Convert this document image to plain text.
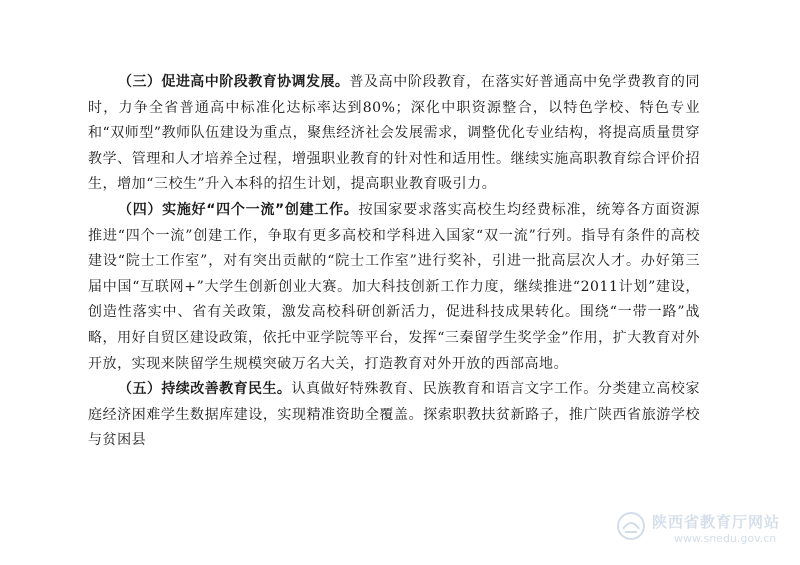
（三）促进高中阶段教育协调发展。普及高中阶段教育，在落实好普通高中免学费教育的同时，力争全省普通高中标准化达标率达到80%；深化中职资源整合，以特色学校、特色专业和“双师型”教师队伍建设为重点，聚焦经济社会发展需求，调整优化专业结构，将提高质量贯穿教学、管理和人才培养全过程，增强职业教育的针对性和适用性。继续实施高职教育综合评价招生，增加“三校生”升入本科的招生计划，提高职业教育吸引力。

（四）实施好“四个一流”创建工作。按国家要求落实高校生均经费标准，统筹各方面资源推进“四个一流”创建工作，争取有更多高校和学科进入国家“双一流”行列。指导有条件的高校建设“院士工作室”，对有突出贡献的“院士工作室”进行奖补，引进一批高层次人才。办好第三届中国“互联网+”大学生创新创业大赛。加大科技创新工作力度，继续推进“2011计划”建设，创造性落实中、省有关政策，激发高校科研创新活力，促进科技成果转化。围绕“一带一路”战略，用好自贸区建设政策，依托中亚学院等平台，发挥“三秦留学生奖学金”作用，扩大教育对外开放，实现来陕留学生规模突破万名大关，打造教育对外开放的西部高地。

（五）持续改善教育民生。认真做好特殊教育、民族教育和语言文字工作。分类建立高校家庭经济困难学生数据库建设，实现精准资助全覆盖。探索职教扶贫新路子，推广陕西省旅游学校与贫困县

陕西省教育厅网站
www.snedu.gov.cn
